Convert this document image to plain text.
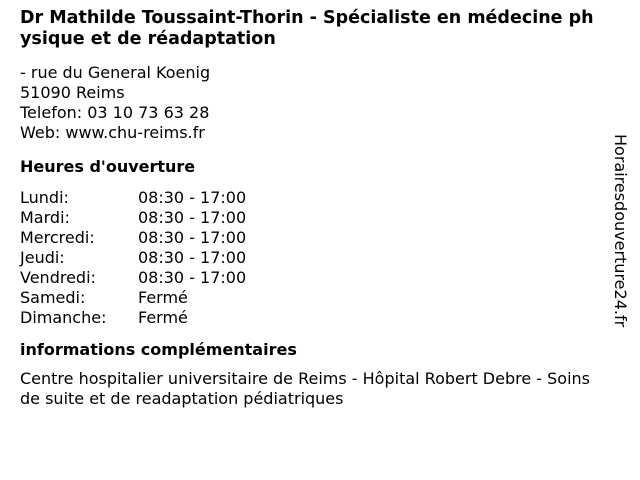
Dr Mathilde Toussaint-Thorin - Spécialiste en médecine physique et de réadaptation
- rue du General Koenig
51090 Reims
Telefon: 03 10 73 63 28
Web: www.chu-reims.fr
Heures d'ouverture
Lundi:	08:30 - 17:00
Mardi:	08:30 - 17:00
Mercredi:	08:30 - 17:00
Jeudi:	08:30 - 17:00
Vendredi:	08:30 - 17:00
Samedi:	Fermé
Dimanche:	Fermé
informations complémentaires
Centre hospitalier universitaire de Reims - Hôpital Robert Debre - Soins de suite et de readaptation pédiatriques
Horairesdouverture24.fr
